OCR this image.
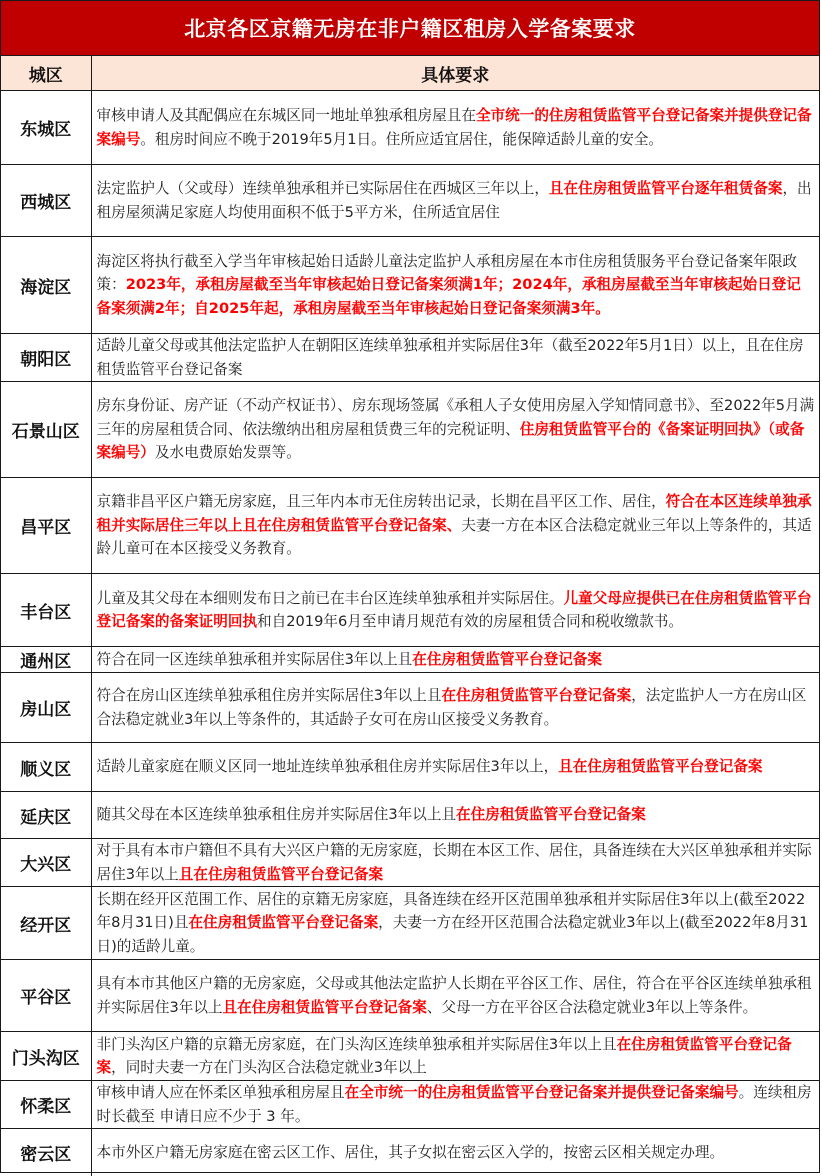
北京各区京籍无房在非户籍区租房入学备案要求
城区	具体要求
东城区	审核申请人及其配偶应在东城区同一地址单独承租房屋且在全市统一的住房租赁监管平台登记备案并提供登记备案编号。租房时间应不晚于2019年5月1日。住所应适宜居住，能保障适龄儿童的安全。
西城区	法定监护人（父或母）连续单独承租并已实际居住在西城区三年以上，且在住房租赁监管平台逐年租赁备案，出租房屋须满足家庭人均使用面积不低于5平方米，住所适宜居住
海淀区	海淀区将执行截至入学当年审核起始日适龄儿童法定监护人承租房屋在本市住房租赁服务平台登记备案年限政策：2023年，承租房屋截至当年审核起始日登记备案须满1年；2024年，承租房屋截至当年审核起始日登记备案须满2年；自2025年起，承租房屋截至当年审核起始日登记备案须满3年。
朝阳区	适龄儿童父母或其他法定监护人在朝阳区连续单独承租并实际居住3年（截至2022年5月1日）以上，且在住房租赁监管平台登记备案
石景山区	房东身份证、房产证（不动产权证书）、房东现场签属《承租人子女使用房屋入学知情同意书》、至2022年5月满三年的房屋租赁合同、依法缴纳出租房屋租赁费三年的完税证明、住房租赁监管平台的《备案证明回执》（或备案编号）及水电费原始发票等。
昌平区	京籍非昌平区户籍无房家庭，且三年内本市无住房转出记录，长期在昌平区工作、居住，符合在本区连续单独承租并实际居住三年以上且在住房租赁监管平台登记备案、夫妻一方在本区合法稳定就业三年以上等条件的，其适龄儿童可在本区接受义务教育。
丰台区	儿童及其父母在本细则发布日之前已在丰台区连续单独承租并实际居住。儿童父母应提供已在住房租赁监管平台登记备案的备案证明回执和自2019年6月至申请月规范有效的房屋租赁合同和税收缴款书。
通州区	符合在同一区连续单独承租并实际居住3年以上且在住房租赁监管平台登记备案
房山区	符合在房山区连续单独承租住房并实际居住3年以上且在住房租赁监管平台登记备案，法定监护人一方在房山区合法稳定就业3年以上等条件的，其适龄子女可在房山区接受义务教育。
顺义区	适龄儿童家庭在顺义区同一地址连续单独承租住房并实际居住3年以上，且在住房租赁监管平台登记备案
延庆区	随其父母在本区连续单独承租住房并实际居住3年以上且在住房租赁监管平台登记备案
大兴区	对于具有本市户籍但不具有大兴区户籍的无房家庭，长期在本区工作、居住，具备连续在大兴区单独承租并实际居住3年以上且在住房租赁监管平台登记备案
经开区	长期在经开区范围工作、居住的京籍无房家庭，具备连续在经开区范围单独承租并实际居住3年以上(截至2022年8月31日)且在住房租赁监管平台登记备案，夫妻一方在经开区范围合法稳定就业3年以上(截至2022年8月31日)的适龄儿童。
平谷区	具有本市其他区户籍的无房家庭，父母或其他法定监护人长期在平谷区工作、居住，符合在平谷区连续单独承租并实际居住3年以上且在住房租赁监管平台登记备案、父母一方在平谷区合法稳定就业3年以上等条件。
门头沟区	非门头沟区户籍的京籍无房家庭，在门头沟区连续单独承租并实际居住3年以上且在住房租赁监管平台登记备案，同时夫妻一方在门头沟区合法稳定就业3年以上
怀柔区	审核申请人应在怀柔区单独承租房屋且在全市统一的住房租赁监管平台登记备案并提供登记备案编号。连续租房时长截至 申请日应不少于 3 年。
密云区	本市外区户籍无房家庭在密云区工作、居住，其子女拟在密云区入学的，按密云区相关规定办理。
